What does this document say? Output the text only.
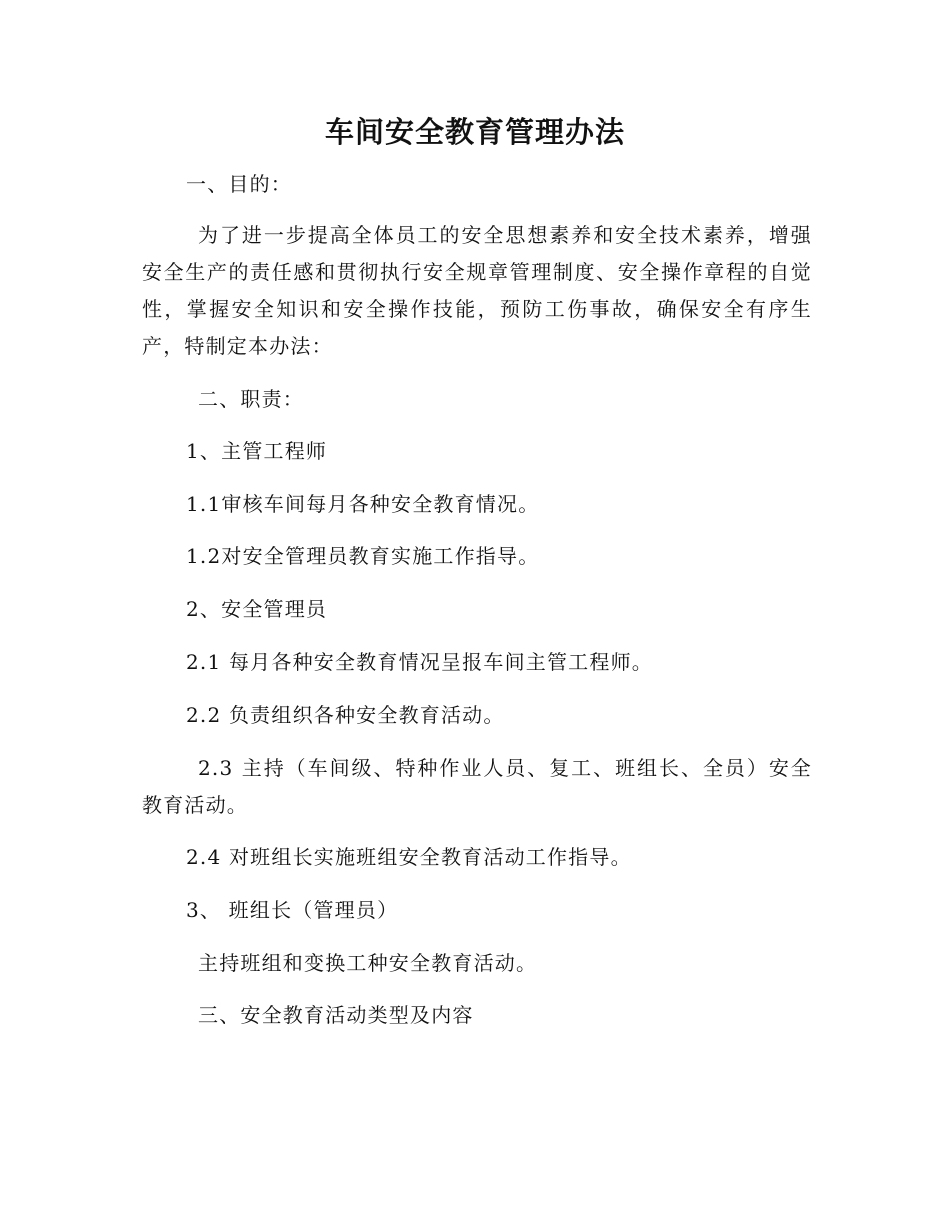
车间安全教育管理办法

一、目的：

为了进一步提高全体员工的安全思想素养和安全技术素养，增强安全生产的责任感和贯彻执行安全规章管理制度、安全操作章程的自觉性，掌握安全知识和安全操作技能，预防工伤事故，确保安全有序生产，特制定本办法：

二、职责：

1、主管工程师

1.1审核车间每月各种安全教育情况。

1.2对安全管理员教育实施工作指导。

2、安全管理员

2.1 每月各种安全教育情况呈报车间主管工程师。

2.2 负责组织各种安全教育活动。

2.3 主持（车间级、特种作业人员、复工、班组长、全员）安全教育活动。

2.4 对班组长实施班组安全教育活动工作指导。

3、 班组长（管理员）

主持班组和变换工种安全教育活动。

三、安全教育活动类型及内容
